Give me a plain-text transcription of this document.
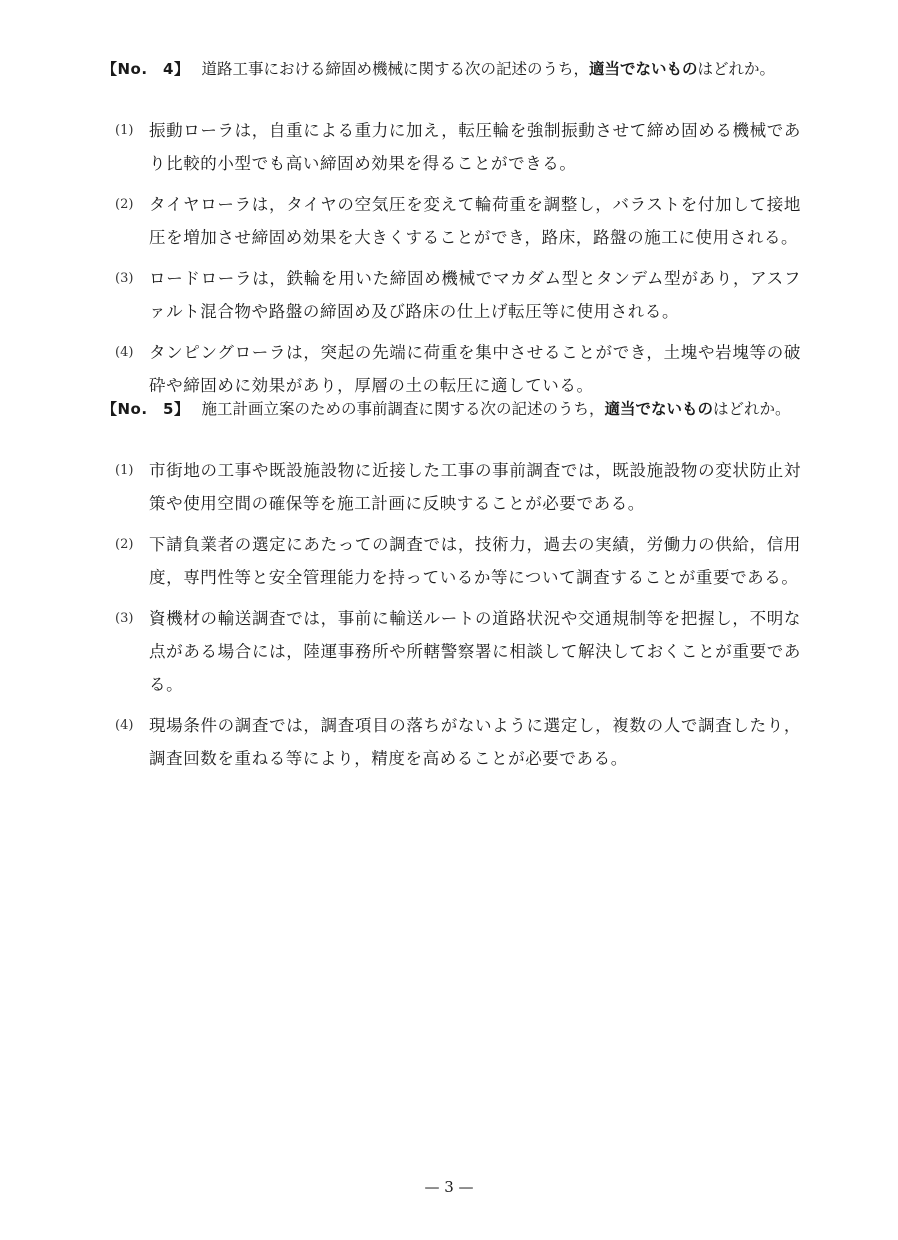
【No.　4】 道路工事における締固め機械に関する次の記述のうち，適当でないものはどれか。
(1) 振動ローラは，自重による重力に加え，転圧輪を強制振動させて締め固める機械であり比較的小型でも高い締固め効果を得ることができる。
(2) タイヤローラは，タイヤの空気圧を変えて輪荷重を調整し，バラストを付加して接地圧を増加させ締固め効果を大きくすることができ，路床，路盤の施工に使用される。
(3) ロードローラは，鉄輪を用いた締固め機械でマカダム型とタンデム型があり，アスファルト混合物や路盤の締固め及び路床の仕上げ転圧等に使用される。
(4) タンピングローラは，突起の先端に荷重を集中させることができ，土塊や岩塊等の破砕や締固めに効果があり，厚層の土の転圧に適している。
【No.　5】 施工計画立案のための事前調査に関する次の記述のうち，適当でないものはどれか。
(1) 市街地の工事や既設施設物に近接した工事の事前調査では，既設施設物の変状防止対策や使用空間の確保等を施工計画に反映することが必要である。
(2) 下請負業者の選定にあたっての調査では，技術力，過去の実績，労働力の供給，信用度，専門性等と安全管理能力を持っているか等について調査することが重要である。
(3) 資機材の輸送調査では，事前に輸送ルートの道路状況や交通規制等を把握し，不明な点がある場合には，陸運事務所や所轄警察署に相談して解決しておくことが重要である。
(4) 現場条件の調査では，調査項目の落ちがないように選定し，複数の人で調査したり，調査回数を重ねる等により，精度を高めることが必要である。
— 3 —
